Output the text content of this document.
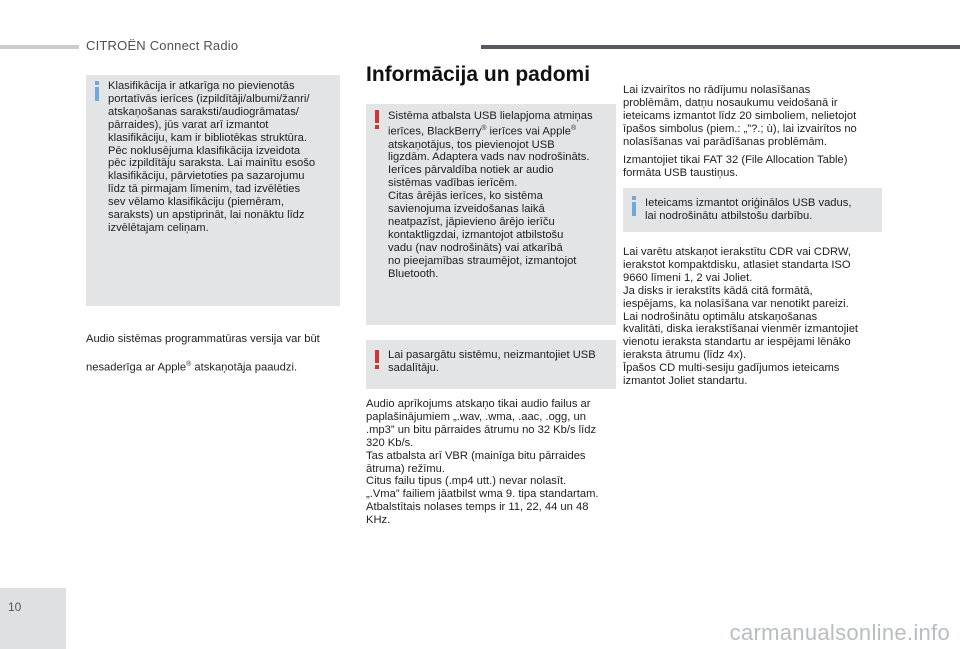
CITROËN Connect Radio
Klasifikācija ir atkarīga no pievienotās
portatīvās ierīces (izpildītāji/albumi/žanri/
atskaņošanas saraksti/audiogrāmatas/
pārraides), jūs varat arī izmantot
klasifikāciju, kam ir bibliotēkas struktūra.
Pēc noklusējuma klasifikācija izveidota
pēc izpildītāju saraksta. Lai mainītu esošo
klasifikāciju, pārvietoties pa sazarojumu
līdz tā pirmajam līmenim, tad izvēlēties
sev vēlamo klasifikāciju (piemēram,
saraksts) un apstiprināt, lai nonāktu līdz
izvēlētajam celiņam.

Audio sistēmas programmatūras versija var būt

nesaderīga ar Apple® atskaņotāja paaudzi.

Informācija un padomi
Sistēma atbalsta USB lielapjoma atmiņas
ierīces, BlackBerry® ierīces vai Apple®
atskaņotājus, tos pievienojot USB
ligzdām. Adaptera vads nav nodrošināts.
Ierīces pārvaldība notiek ar audio
sistēmas vadības ierīcēm.
Citas ārējās ierīces, ko sistēma
savienojuma izveidošanas laikā
neatpazīst, jāpievieno ārējo ierīču
kontaktligzdai, izmantojot atbilstošu
vadu (nav nodrošināts) vai atkarībā
no pieejamības straumējot, izmantojot
Bluetooth.
Lai pasargātu sistēmu, neizmantojiet USB
sadalītāju.
Audio aprīkojums atskaņo tikai audio failus ar
paplašinājumiem „.wav, .wma, .aac, .ogg, un
.mp3” un bitu pārraides ātrumu no 32 Kb/s līdz
320 Kb/s.
Tas atbalsta arī VBR (mainīga bitu pārraides
ātruma) režīmu.
Citus failu tipus (.mp4 utt.) nevar nolasīt.
„.Vma” failiem jāatbilst wma 9. tipa standartam.
Atbalstītais nolases temps ir 11, 22, 44 un 48
KHz.
Lai izvairītos no rādījumu nolasīšanas
problēmām, datņu nosaukumu veidošanā ir
ieteicams izmantot līdz 20 simboliem, nelietojot
īpašos simbolus (piem.: „”?.; ù), lai izvairītos no
nolasīšanas vai parādīšanas problēmām.
Izmantojiet tikai FAT 32 (File Allocation Table)
formāta USB taustiņus.
Ieteicams izmantot oriģinālos USB vadus,
lai nodrošinātu atbilstošu darbību.
Lai varētu atskaņot ierakstītu CDR vai CDRW,
ierakstot kompaktdisku, atlasiet standarta ISO
9660 līmeni 1, 2 vai Joliet.
Ja disks ir ierakstīts kādā citā formātā,
iespējams, ka nolasīšana var nenotikt pareizi.
Lai nodrošinātu optimālu atskaņošanas
kvalitāti, diska ierakstīšanai vienmēr izmantojiet
vienotu ieraksta standartu ar iespējami lēnāko
ieraksta ātrumu (līdz 4x).
Īpašos CD multi-sesiju gadījumos ieteicams
izmantot Joliet standartu.
10
carmanualsonline.info
